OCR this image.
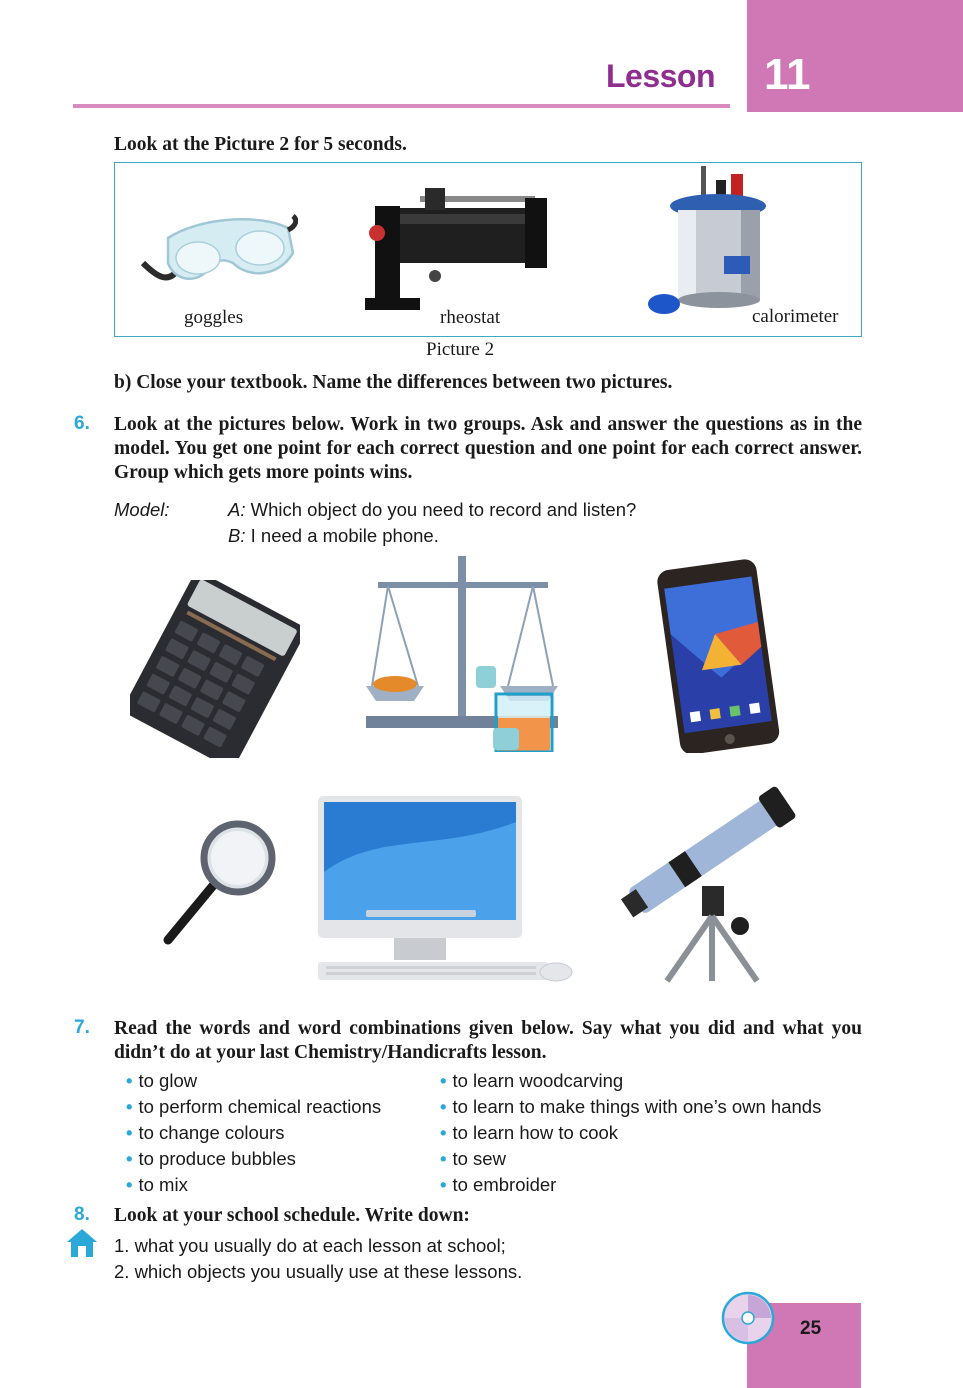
Lesson 11
Look at the Picture 2 for 5 seconds.
goggles	rheostat	calorimeter
Picture 2
b) Close your textbook. Name the differences between two pictures.
6. Look at the pictures below. Work in two groups. Ask and answer the questions as in the model. You get one point for each correct question and one point for each correct answer. Group which gets more points wins.
Model:	A: Which object do you need to record and listen?
B: I need a mobile phone.
7. Read the words and word combinations given below. Say what you did and what you didn’t do at your last Chemistry/Handicrafts lesson.
• to glow
• to perform chemical reactions
• to change colours
• to produce bubbles
• to mix
• to learn woodcarving
• to learn to make things with one’s own hands
• to learn how to cook
• to sew
• to embroider
8. Look at your school schedule. Write down:
1. what you usually do at each lesson at school;
2. which objects you usually use at these lessons.
25
